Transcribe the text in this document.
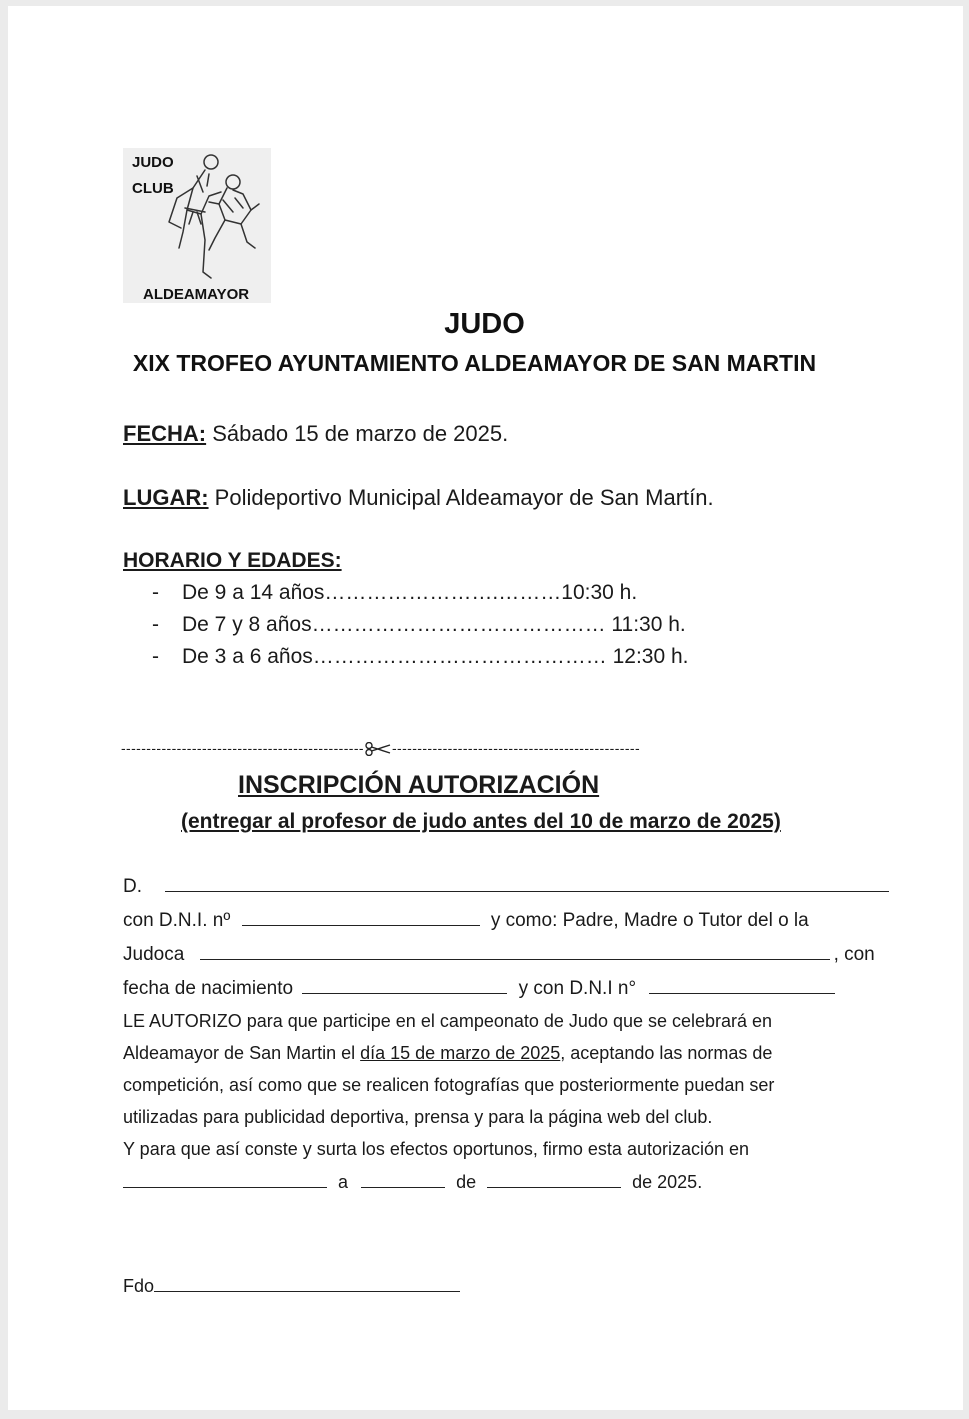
JUDO
CLUB
ALDEAMAYOR
JUDO
XIX TROFEO AYUNTAMIENTO ALDEAMAYOR DE SAN MARTIN
FECHA: Sábado 15 de marzo de 2025.
LUGAR: Polideportivo Municipal Aldeamayor de San Martín.
HORARIO Y EDADES:
- De 9 a 14 años…………………….………10:30 h.
- De 7 y 8 años…………………………………… 11:30 h.
- De 3 a 6 años…………………………………… 12:30 h.
------------------------------------------------ -------------------------------------------------
INSCRIPCIÓN AUTORIZACIÓN
(entregar al profesor de judo antes del 10 de marzo de 2025)
D.
con D.N.I. nº	y como: Padre, Madre o Tutor del o la
Judoca	, con
fecha de nacimiento	y con D.N.I n°
LE AUTORIZO para que participe en el campeonato de Judo que se celebrará en
Aldeamayor de San Martin el día 15 de marzo de 2025, aceptando las normas de
competición, así como que se realicen fotografías que posteriormente puedan ser
utilizadas para publicidad deportiva, prensa y para la página web del club.
Y para que así conste y surta los efectos oportunos, firmo esta autorización en
a	de	de 2025.
Fdo
